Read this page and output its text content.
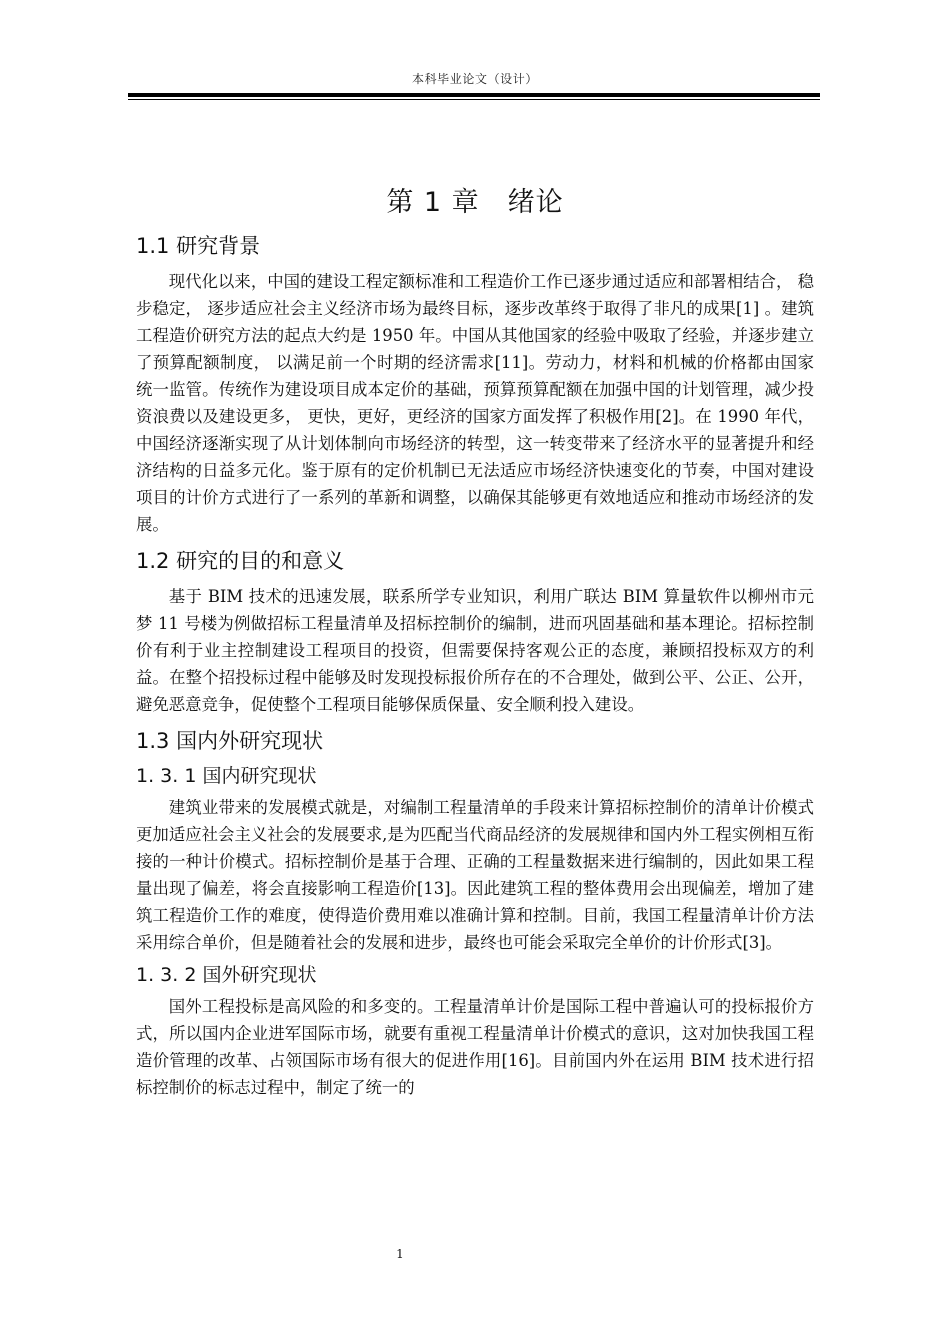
本科毕业论文（设计）
第 1 章　绪论
1.1 研究背景

现代化以来，中国的建设工程定额标准和工程造价工作已逐步通过适应和部署相结合， 稳步稳定， 逐步适应社会主义经济市场为最终目标，逐步改革终于取得了非凡的成果[1] 。建筑工程造价研究方法的起点大约是 1950 年。中国从其他国家的经验中吸取了经验，并逐步建立了预算配额制度， 以满足前一个时期的经济需求[11]。劳动力，材料和机械的价格都由国家统一监管。传统作为建设项目成本定价的基础，预算预算配额在加强中国的计划管理，减少投资浪费以及建设更多， 更快，更好，更经济的国家方面发挥了积极作用[2]。在 1990 年代，中国经济逐渐实现了从计划体制向市场经济的转型，这一转变带来了经济水平的显著提升和经济结构的日益多元化。鉴于原有的定价机制已无法适应市场经济快速变化的节奏，中国对建设项目的计价方式进行了一系列的革新和调整，以确保其能够更有效地适应和推动市场经济的发展。

1.2 研究的目的和意义

基于 BIM 技术的迅速发展，联系所学专业知识，利用广联达 BIM 算量软件以柳州市元梦 11 号楼为例做招标工程量清单及招标控制价的编制，进而巩固基础和基本理论。招标控制价有利于业主控制建设工程项目的投资，但需要保持客观公正的态度，兼顾招投标双方的利益。在整个招投标过程中能够及时发现投标报价所存在的不合理处，做到公平、公正、公开，避免恶意竞争，促使整个工程项目能够保质保量、安全顺利投入建设。

1.3 国内外研究现状
1. 3. 1 国内研究现状

建筑业带来的发展模式就是，对编制工程量清单的手段来计算招标控制价的清单计价模式更加适应社会主义社会的发展要求,是为匹配当代商品经济的发展规律和国内外工程实例相互衔接的一种计价模式。招标控制价是基于合理、正确的工程量数据来进行编制的，因此如果工程量出现了偏差，将会直接影响工程造价[13]。因此建筑工程的整体费用会出现偏差，增加了建筑工程造价工作的难度，使得造价费用难以准确计算和控制。目前，我国工程量清单计价方法采用综合单价，但是随着社会的发展和进步，最终也可能会采取完全单价的计价形式[3]。

1. 3. 2 国外研究现状

国外工程投标是高风险的和多变的。工程量清单计价是国际工程中普遍认可的投标报价方式，所以国内企业进军国际市场，就要有重视工程量清单计价模式的意识，这对加快我国工程造价管理的改革、占领国际市场有很大的促进作用[16]。目前国内外在运用 BIM 技术进行招标控制价的标志过程中，制定了统一的

1
